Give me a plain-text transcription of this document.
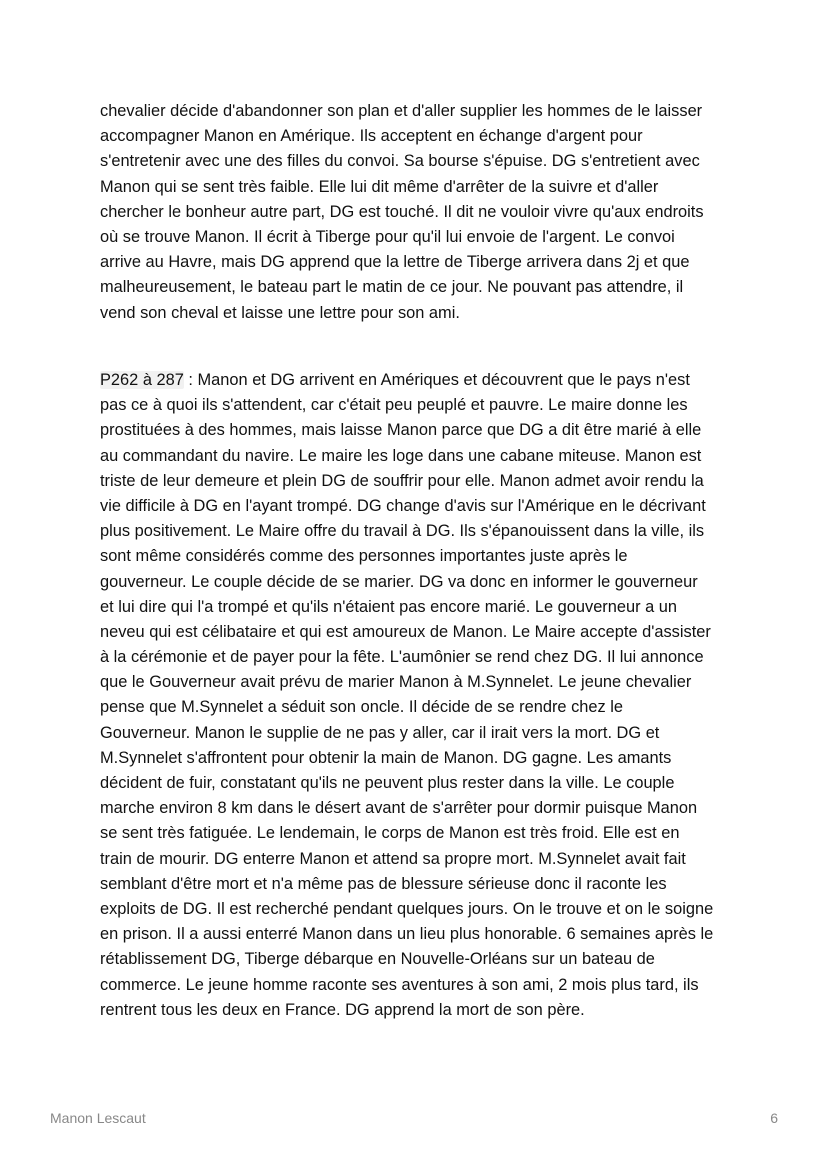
chevalier décide d'abandonner son plan et d'aller supplier les hommes de le laisser
accompagner Manon en Amérique. Ils acceptent en échange d'argent pour
s'entretenir avec une des filles du convoi. Sa bourse s'épuise. DG s'entretient avec
Manon qui se sent très faible. Elle lui dit même d'arrêter de la suivre et d'aller
chercher le bonheur autre part, DG est touché. Il dit ne vouloir vivre qu'aux endroits
où se trouve Manon. Il écrit à Tiberge pour qu'il lui envoie de l'argent. Le convoi
arrive au Havre, mais DG apprend que la lettre de Tiberge arrivera dans 2j et que
malheureusement, le bateau part le matin de ce jour. Ne pouvant pas attendre, il
vend son cheval et laisse une lettre pour son ami.
P262 à 287 : Manon et DG arrivent en Amériques et découvrent que le pays n'est
pas ce à quoi ils s'attendent, car c'était peu peuplé et pauvre. Le maire donne les
prostituées à des hommes, mais laisse Manon parce que DG a dit être marié à elle
au commandant du navire. Le maire les loge dans une cabane miteuse. Manon est
triste de leur demeure et plein DG de souffrir pour elle. Manon admet avoir rendu la
vie difficile à DG en l'ayant trompé. DG change d'avis sur l'Amérique en le décrivant
plus positivement. Le Maire offre du travail à DG. Ils s'épanouissent dans la ville, ils
sont même considérés comme des personnes importantes juste après le
gouverneur. Le couple décide de se marier. DG va donc en informer le gouverneur
et lui dire qui l'a trompé et qu'ils n'étaient pas encore marié. Le gouverneur a un
neveu qui est célibataire et qui est amoureux de Manon. Le Maire accepte d'assister
à la cérémonie et de payer pour la fête. L'aumônier se rend chez DG. Il lui annonce
que le Gouverneur avait prévu de marier Manon à M.Synnelet. Le jeune chevalier
pense que M.Synnelet a séduit son oncle. Il décide de se rendre chez le
Gouverneur. Manon le supplie de ne pas y aller, car il irait vers la mort. DG et
M.Synnelet s'affrontent pour obtenir la main de Manon. DG gagne. Les amants
décident de fuir, constatant qu'ils ne peuvent plus rester dans la ville. Le couple
marche environ 8 km dans le désert avant de s'arrêter pour dormir puisque Manon
se sent très fatiguée. Le lendemain, le corps de Manon est très froid. Elle est en
train de mourir. DG enterre Manon et attend sa propre mort. M.Synnelet avait fait
semblant d'être mort et n'a même pas de blessure sérieuse donc il raconte les
exploits de DG. Il est recherché pendant quelques jours. On le trouve et on le soigne
en prison. Il a aussi enterré Manon dans un lieu plus honorable. 6 semaines après le
rétablissement DG, Tiberge débarque en Nouvelle-Orléans sur un bateau de
commerce. Le jeune homme raconte ses aventures à son ami, 2 mois plus tard, ils
rentrent tous les deux en France. DG apprend la mort de son père.
Manon Lescaut	6
